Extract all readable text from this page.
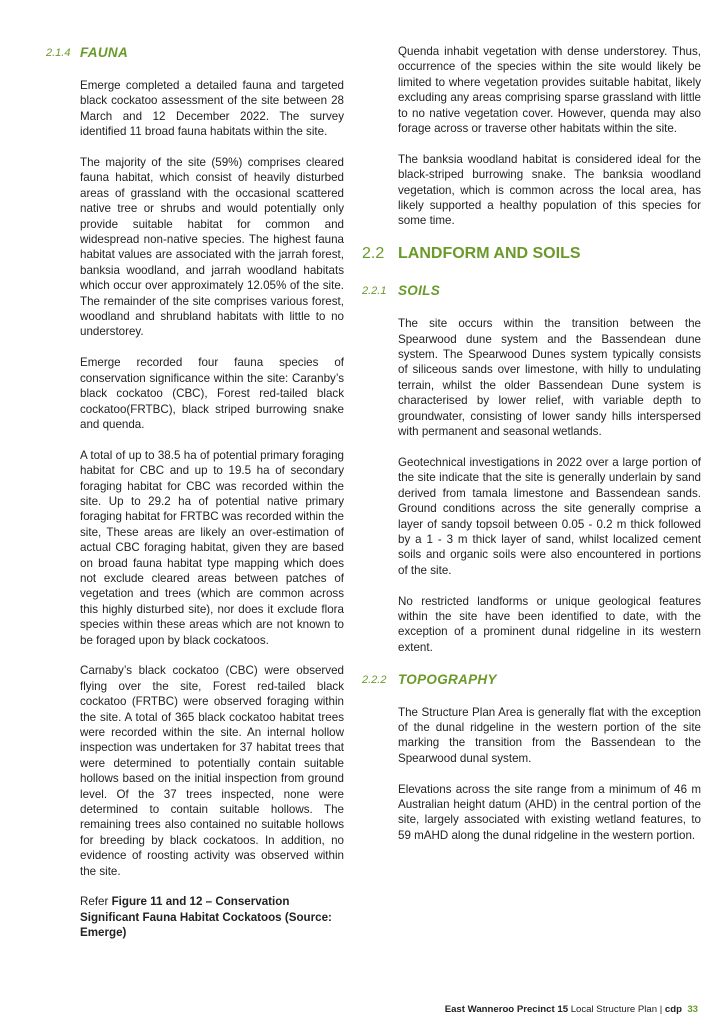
2.1.4 FAUNA

Emerge completed a detailed fauna and targeted black cockatoo assessment of the site between 28 March and 12 December 2022. The survey identified 11 broad fauna habitats within the site.

The majority of the site (59%) comprises cleared fauna habitat, which consist of heavily disturbed areas of grassland with the occasional scattered native tree or shrubs and would potentially only provide suitable habitat for common and widespread non-native species. The highest fauna habitat values are associated with the jarrah forest, banksia woodland, and jarrah woodland habitats which occur over approximately 12.05% of the site. The remainder of the site comprises various forest, woodland and shrubland habitats with little to no understorey.

Emerge recorded four fauna species of conservation significance within the site: Caranby’s black cockatoo (CBC), Forest red-tailed black cockatoo(FRTBC), black striped burrowing snake and quenda.

A total of up to 38.5 ha of potential primary foraging habitat for CBC and up to 19.5 ha of secondary foraging habitat for CBC was recorded within the site. Up to 29.2 ha of potential native primary foraging habitat for FRTBC was recorded within the site, These areas are likely an over-estimation of actual CBC foraging habitat, given they are based on broad fauna habitat type mapping which does not exclude cleared areas between patches of vegetation and trees (which are common across this highly disturbed site), nor does it exclude flora species within these areas which are not known to be foraged upon by black cockatoos.

Carnaby’s black cockatoo (CBC) were observed flying over the site, Forest red-tailed black cockatoo (FRTBC) were observed foraging within the site. A total of 365 black cockatoo habitat trees were recorded within the site. An internal hollow inspection was undertaken for 37 habitat trees that were determined to potentially contain suitable hollows based on the initial inspection from ground level. Of the 37 trees inspected, none were determined to contain suitable hollows. The remaining trees also contained no suitable hollows for breeding by black cockatoos. In addition, no evidence of roosting activity was observed within the site.

Refer Figure 11 and 12 – Conservation Significant Fauna Habitat Cockatoos (Source: Emerge)

Quenda inhabit vegetation with dense understorey. Thus, occurrence of the species within the site would likely be limited to where vegetation provides suitable habitat, likely excluding any areas comprising sparse grassland with little to no native vegetation cover. However, quenda may also forage across or traverse other habitats within the site.

The banksia woodland habitat is considered ideal for the black-striped burrowing snake. The banksia woodland vegetation, which is common across the local area, has likely supported a healthy population of this species for some time.

2.2 LANDFORM AND SOILS
2.2.1 SOILS

The site occurs within the transition between the Spearwood dune system and the Bassendean dune system. The Spearwood Dunes system typically consists of siliceous sands over limestone, with hilly to undulating terrain, whilst the older Bassendean Dune system is characterised by lower relief, with variable depth to groundwater, consisting of lower sandy hills interspersed with permanent and seasonal wetlands.

Geotechnical investigations in 2022 over a large portion of the site indicate that the site is generally underlain by sand derived from tamala limestone and Bassendean sands. Ground conditions across the site generally comprise a layer of sandy topsoil between 0.05 - 0.2 m thick followed by a 1 - 3 m thick layer of sand, whilst localized cement soils and organic soils were also encountered in portions of the site.

No restricted landforms or unique geological features within the site have been identified to date, with the exception of a prominent dunal ridgeline in its western extent.

2.2.2 TOPOGRAPHY

The Structure Plan Area is generally flat with the exception of the dunal ridgeline in the western portion of the site marking the transition from the Bassendean to the Spearwood dunal system.

Elevations across the site range from a minimum of 46 m Australian height datum (AHD) in the central portion of the site, largely associated with existing wetland features, to 59 mAHD along the dunal ridgeline in the western portion.

East Wanneroo Precinct 15 Local Structure Plan | cdp 33
